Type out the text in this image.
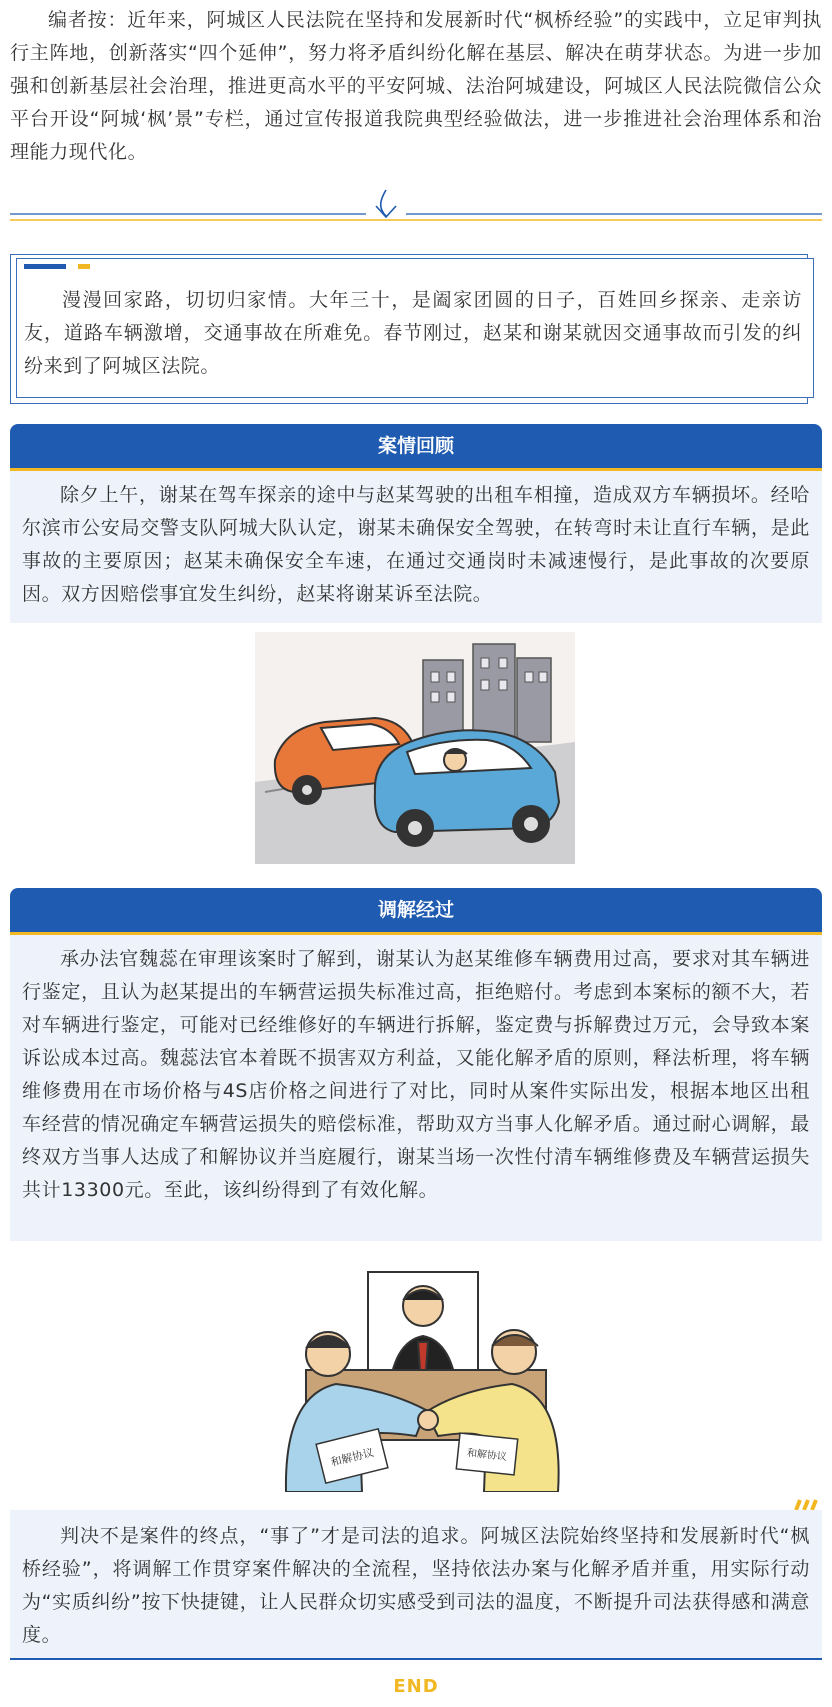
编者按：近年来，阿城区人民法院在坚持和发展新时代“枫桥经验”的实践中，立足审判执行主阵地，创新落实“四个延伸”，努力将矛盾纠纷化解在基层、解决在萌芽状态。为进一步加强和创新基层社会治理，推进更高水平的平安阿城、法治阿城建设，阿城区人民法院微信公众平台开设“阿城‘枫’景”专栏，通过宣传报道我院典型经验做法，进一步推进社会治理体系和治理能力现代化。

漫漫回家路，切切归家情。大年三十，是阖家团圆的日子，百姓回乡探亲、走亲访友，道路车辆激增，交通事故在所难免。春节刚过，赵某和谢某就因交通事故而引发的纠纷来到了阿城区法院。

案情回顾

除夕上午，谢某在驾车探亲的途中与赵某驾驶的出租车相撞，造成双方车辆损坏。经哈尔滨市公安局交警支队阿城大队认定，谢某未确保安全驾驶，在转弯时未让直行车辆，是此事故的主要原因；赵某未确保安全车速，在通过交通岗时未减速慢行，是此事故的次要原因。双方因赔偿事宜发生纠纷，赵某将谢某诉至法院。

调解经过

承办法官魏蕊在审理该案时了解到，谢某认为赵某维修车辆费用过高，要求对其车辆进行鉴定，且认为赵某提出的车辆营运损失标准过高，拒绝赔付。考虑到本案标的额不大，若对车辆进行鉴定，可能对已经维修好的车辆进行拆解，鉴定费与拆解费过万元，会导致本案诉讼成本过高。魏蕊法官本着既不损害双方利益，又能化解矛盾的原则，释法析理，将车辆维修费用在市场价格与4S店价格之间进行了对比，同时从案件实际出发，根据本地区出租车经营的情况确定车辆营运损失的赔偿标准，帮助双方当事人化解矛盾。通过耐心调解，最终双方当事人达成了和解协议并当庭履行，谢某当场一次性付清车辆维修费及车辆营运损失共计13300元。至此，该纠纷得到了有效化解。

和解协议	和解协议

判决不是案件的终点，“事了”才是司法的追求。阿城区法院始终坚持和发展新时代“枫桥经验”，将调解工作贯穿案件解决的全流程，坚持依法办案与化解矛盾并重，用实际行动为“实质纠纷”按下快捷键，让人民群众切实感受到司法的温度，不断提升司法获得感和满意度。

END
